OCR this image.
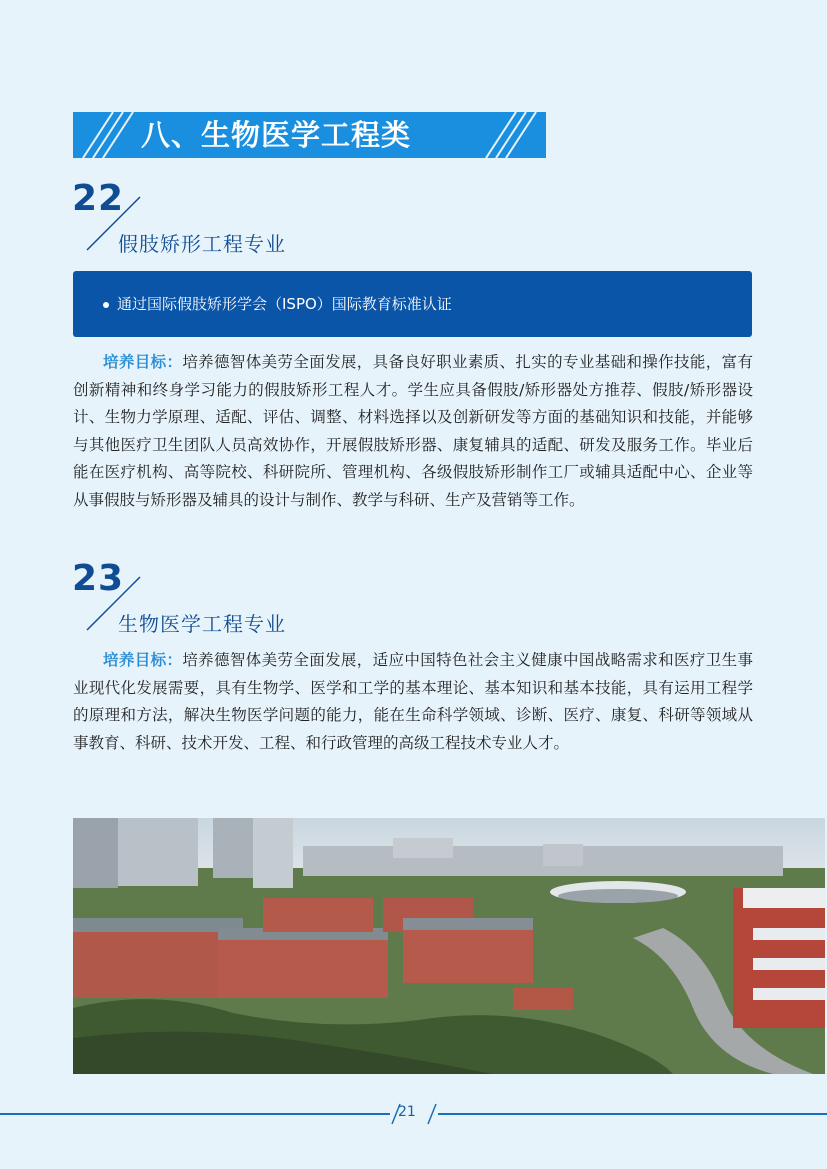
八、生物医学工程类
22
假肢矫形工程专业
通过国际假肢矫形学会（ISPO）国际教育标准认证

培养目标：培养德智体美劳全面发展，具备良好职业素质、扎实的专业基础和操作技能，富有创新精神和终身学习能力的假肢矫形工程人才。学生应具备假肢/矫形器处方推荐、假肢/矫形器设计、生物力学原理、适配、评估、调整、材料选择以及创新研发等方面的基础知识和技能，并能够与其他医疗卫生团队人员高效协作，开展假肢矫形器、康复辅具的适配、研发及服务工作。毕业后能在医疗机构、高等院校、科研院所、管理机构、各级假肢矫形制作工厂或辅具适配中心、企业等从事假肢与矫形器及辅具的设计与制作、教学与科研、生产及营销等工作。

23
生物医学工程专业

培养目标：培养德智体美劳全面发展，适应中国特色社会主义健康中国战略需求和医疗卫生事业现代化发展需要，具有生物学、医学和工学的基本理论、基本知识和基本技能，具有运用工程学的原理和方法，解决生物医学问题的能力，能在生命科学领域、诊断、医疗、康复、科研等领域从事教育、科研、技术开发、工程、和行政管理的高级工程技术专业人才。

21
